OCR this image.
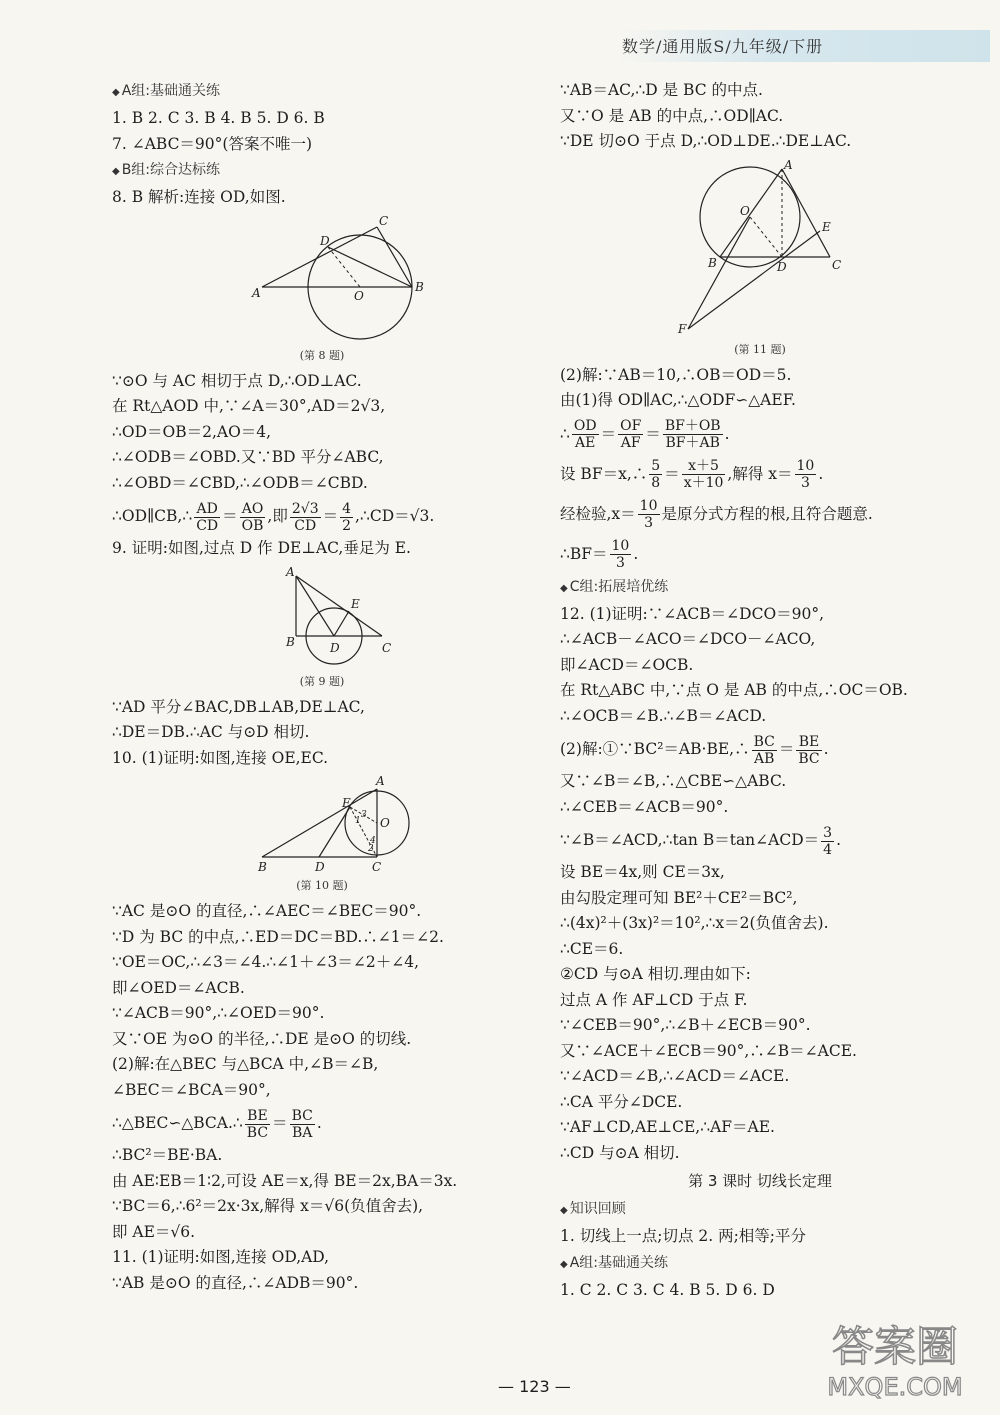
数学/通用版S/九年级/下册
◆ A组:基础通关练

1. B 2. C 3. B 4. B 5. D 6. B

7. ∠ABC＝90°(答案不唯一)

◆ B组:综合达标练

8. B 解析:连接 OD,如图.

C
D
A	O
B

(第 8 题)

∵⊙O 与 AC 相切于点 D,∴OD⊥AC.

在 Rt△AOD 中,∵∠A＝30°,AD＝2√3,

∴OD＝OB＝2,AO＝4,

∴∠ODB＝∠OBD.又∵BD 平分∠ABC,

∴∠OBD＝∠CBD,∴∠ODB＝∠CBD.

∴OD∥CB,∴ $\frac{AD}{CD} = \frac{AO}{OB}$ ,即 $\frac{2√3}{CD} = \frac{4}{2}$ ,∴CD＝√3.

9. 证明:如图,过点 D 作 DE⊥AC,垂足为 E.

A
E
B	D	C

(第 9 题)

∵AD 平分∠BAC,DB⊥AB,DE⊥AC,

∴DE＝DB.∴AC 与⊙D 相切.

10. (1)证明:如图,连接 OE,EC.

A
E
O
1
2
3
4
B	D	C

(第 10 题)

∵AC 是⊙O 的直径,∴∠AEC＝∠BEC＝90°.

∵D 为 BC 的中点,∴ED＝DC＝BD.∴∠1＝∠2.

∵OE＝OC,∴∠3＝∠4.∴∠1＋∠3＝∠2＋∠4,

即∠OED＝∠ACB.

∵∠ACB＝90°,∴∠OED＝90°.

又∵OE 为⊙O 的半径,∴DE 是⊙O 的切线.

(2)解:在△BEC 与△BCA 中,∠B＝∠B,

∠BEC＝∠BCA＝90°,

∴△BEC∽△BCA.∴ $\frac{BE}{BC} = \frac{BC}{BA}$ .

∴BC²＝BE·BA.

由 AE∶EB＝1∶2,可设 AE＝x,得 BE＝2x,BA＝3x.

∵BC＝6,∴6²＝2x·3x,解得 x＝√6(负值舍去),

即 AE＝√6.

11. (1)证明:如图,连接 OD,AD,

∵AB 是⊙O 的直径,∴∠ADB＝90°.

∵AB＝AC,∴D 是 BC 的中点.

又∵O 是 AB 的中点,∴OD∥AC.

∵DE 切⊙O 于点 D,∴OD⊥DE.∴DE⊥AC.

A
O
E
B	D	C
F

(第 11 题)

(2)解:∵AB＝10,∴OB＝OD＝5.

由(1)得 OD∥AC,∴△ODF∽△AEF.

∴ $\frac{OD}{AE} = \frac{OF}{AF} = \frac{BF+OB}{BF+AB}$ .
设 BF＝x,∴ $\frac{5}{8} = \frac{x+5}{x+10}$ ,解得 $x= \frac{10}{3}$ .
经检验$,x= \frac{10}{3}$ 是原分式方程的根,且符合题意.
∴BF＝ $\frac{10}{3}$ .
◆ C组:拓展培优练

12. (1)证明:∵∠ACB＝∠DCO＝90°,

∴∠ACB－∠ACO＝∠DCO－∠ACO,

即∠ACD＝∠OCB.

在 Rt△ABC 中,∵点 O 是 AB 的中点,∴OC＝OB.

∴∠OCB＝∠B.∴∠B＝∠ACD.

(2)解:①∵BC²＝AB·BE,∴ $\frac{BC}{AB} = \frac{BE}{BC}$ .

又∵∠B＝∠B,∴△CBE∽△ABC.

∴∠CEB＝∠ACB＝90°.

∵∠B＝∠ACD,∴tan B＝tan∠ACD＝ $\frac{3}{4}$ .

设 BE＝4x,则 CE＝3x,

由勾股定理可知 BE²＋CE²＝BC²,

∴(4x)²＋(3x)²＝10²,∴x＝2(负值舍去).

∴CE＝6.

②CD 与⊙A 相切.理由如下:

过点 A 作 AF⊥CD 于点 F.

∵∠CEB＝90°,∴∠B＋∠ECB＝90°.

又∵∠ACE＋∠ECB＝90°,∴∠B＝∠ACE.

∵∠ACD＝∠B,∴∠ACD＝∠ACE.

∴CA 平分∠DCE.

∵AF⊥CD,AE⊥CE,∴AF＝AE.

∴CD 与⊙A 相切.

第 3 课时 切线长定理
◆ 知识回顾

1. 切线上一点;切点 2. 两;相等;平分

◆ A组:基础通关练

1. C 2. C 3. C 4. B 5. D 6. D

— 123 —
答案圈
MXQE.COM
